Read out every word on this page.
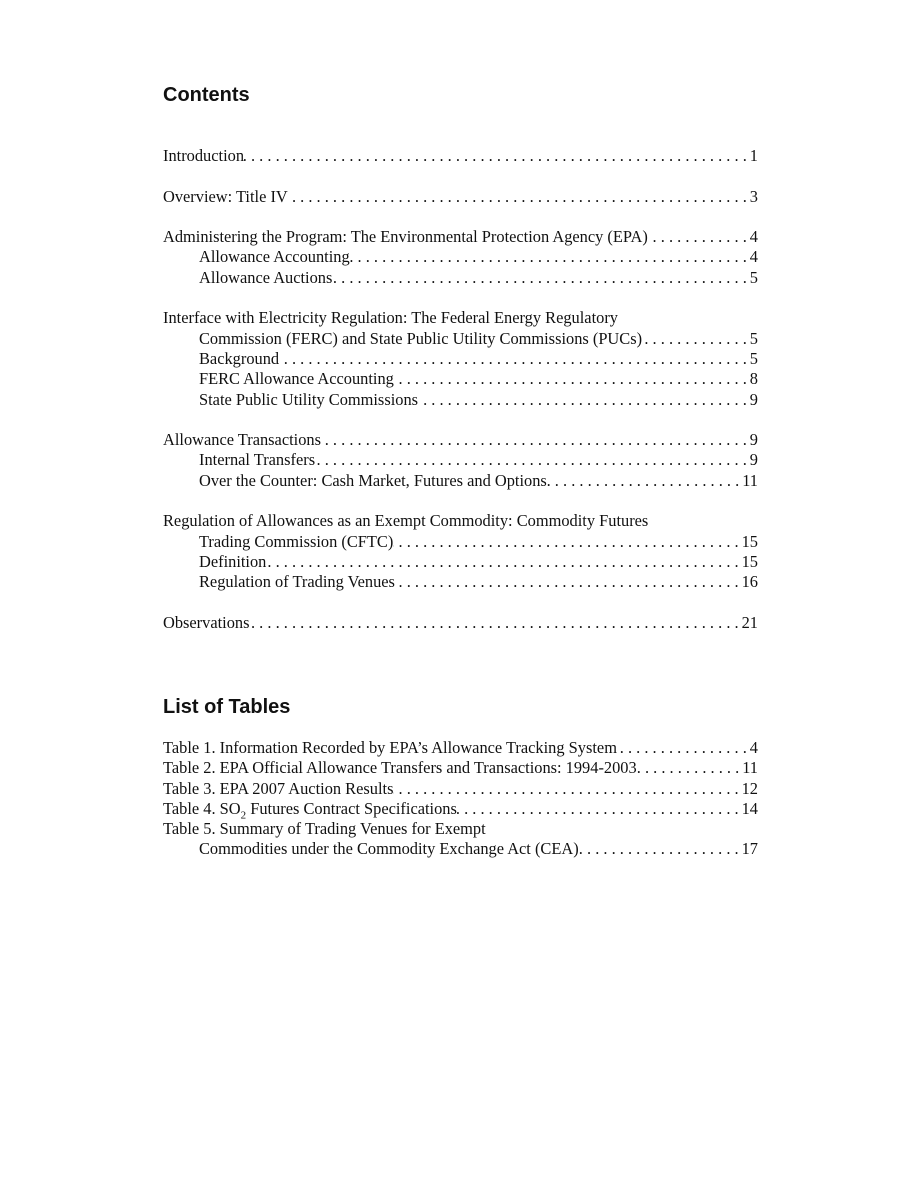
Contents
Introduction . . .	1
Overview: Title IV . . .	3
Administering the Program: The Environmental Protection Agency (EPA) . . .	4
Allowance Accounting . . .	4
Allowance Auctions . . .	5
Interface with Electricity Regulation: The Federal Energy Regulatory
Commission (FERC) and State Public Utility Commissions (PUCs) . . .	5
Background . . .	5
FERC Allowance Accounting . . .	8
State Public Utility Commissions . . .	9
Allowance Transactions . . .	9
Internal Transfers . . .	9
Over the Counter: Cash Market, Futures and Options . . .	11
Regulation of Allowances as an Exempt Commodity: Commodity Futures
Trading Commission (CFTC) . . .	15
Definition . . .	15
Regulation of Trading Venues . . .	16
Observations . . .	21
List of Tables
Table 1. Information Recorded by EPA’s Allowance Tracking System . . .	4
Table 2. EPA Official Allowance Transfers and Transactions: 1994-2003 . . .	11
Table 3. EPA 2007 Auction Results . . .	12
Table 4. $SO_2$ Futures Contract Specifications . . .	14
Table 5. Summary of Trading Venues for Exempt
Commodities under the Commodity Exchange Act (CEA) . . .	17
